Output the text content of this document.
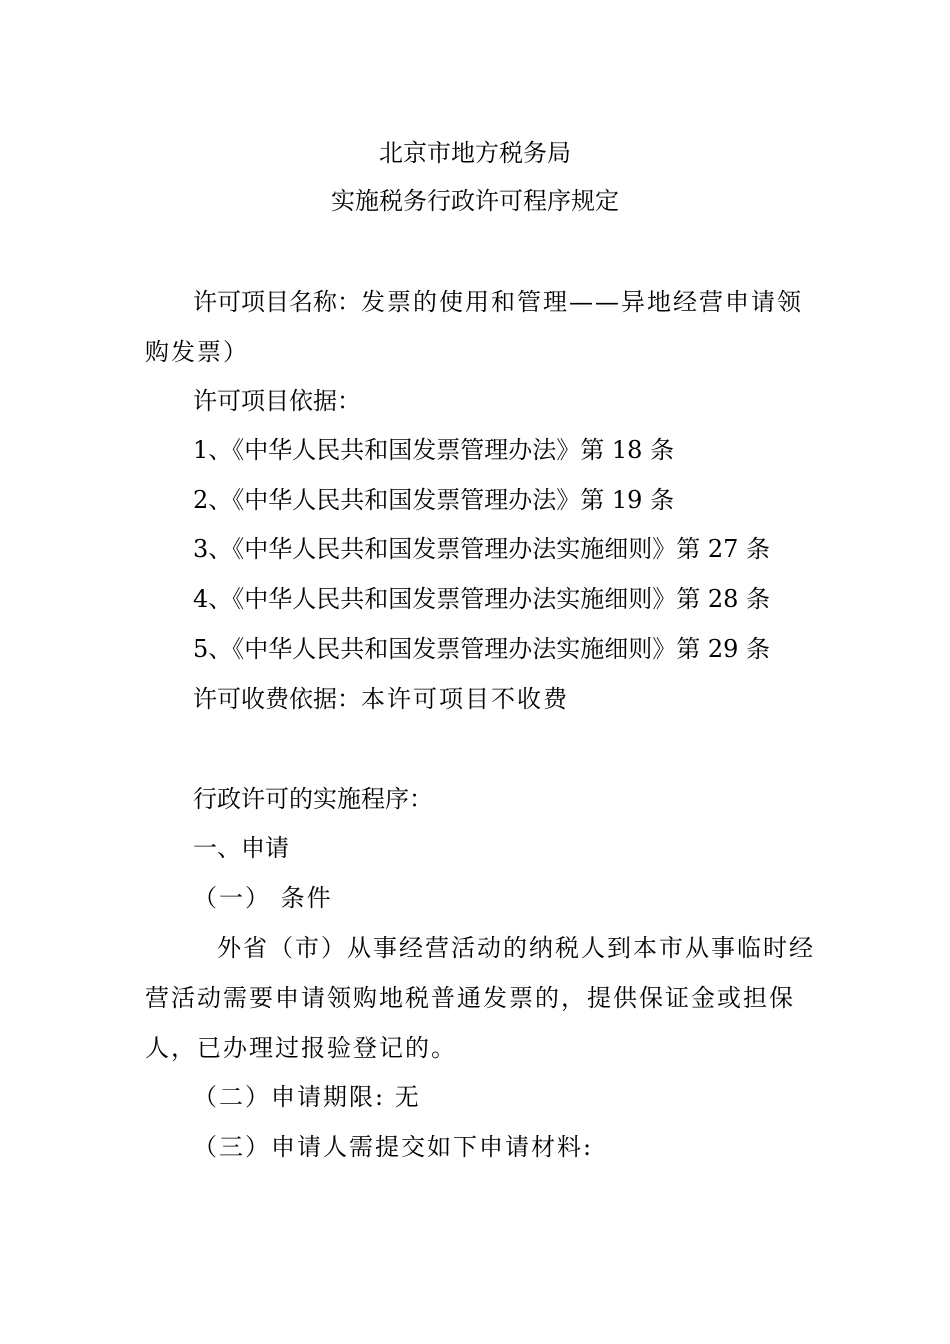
北京市地方税务局
实施税务行政许可程序规定
许可项目名称：发票的使用和管理——异地经营申请领
购发票）
许可项目依据：
1、《中华人民共和国发票管理办法》第 18 条
2、《中华人民共和国发票管理办法》第 19 条
3、《中华人民共和国发票管理办法实施细则》第 27 条
4、《中华人民共和国发票管理办法实施细则》第 28 条
5、《中华人民共和国发票管理办法实施细则》第 29 条
许可收费依据：本许可项目不收费
行政许可的实施程序：
一、申请
（一） 条件
外省（市）从事经营活动的纳税人到本市从事临时经
营活动需要申请领购地税普通发票的，提供保证金或担保
人，已办理过报验登记的。
（二）申请期限: 无
（三）申请人需提交如下申请材料:
